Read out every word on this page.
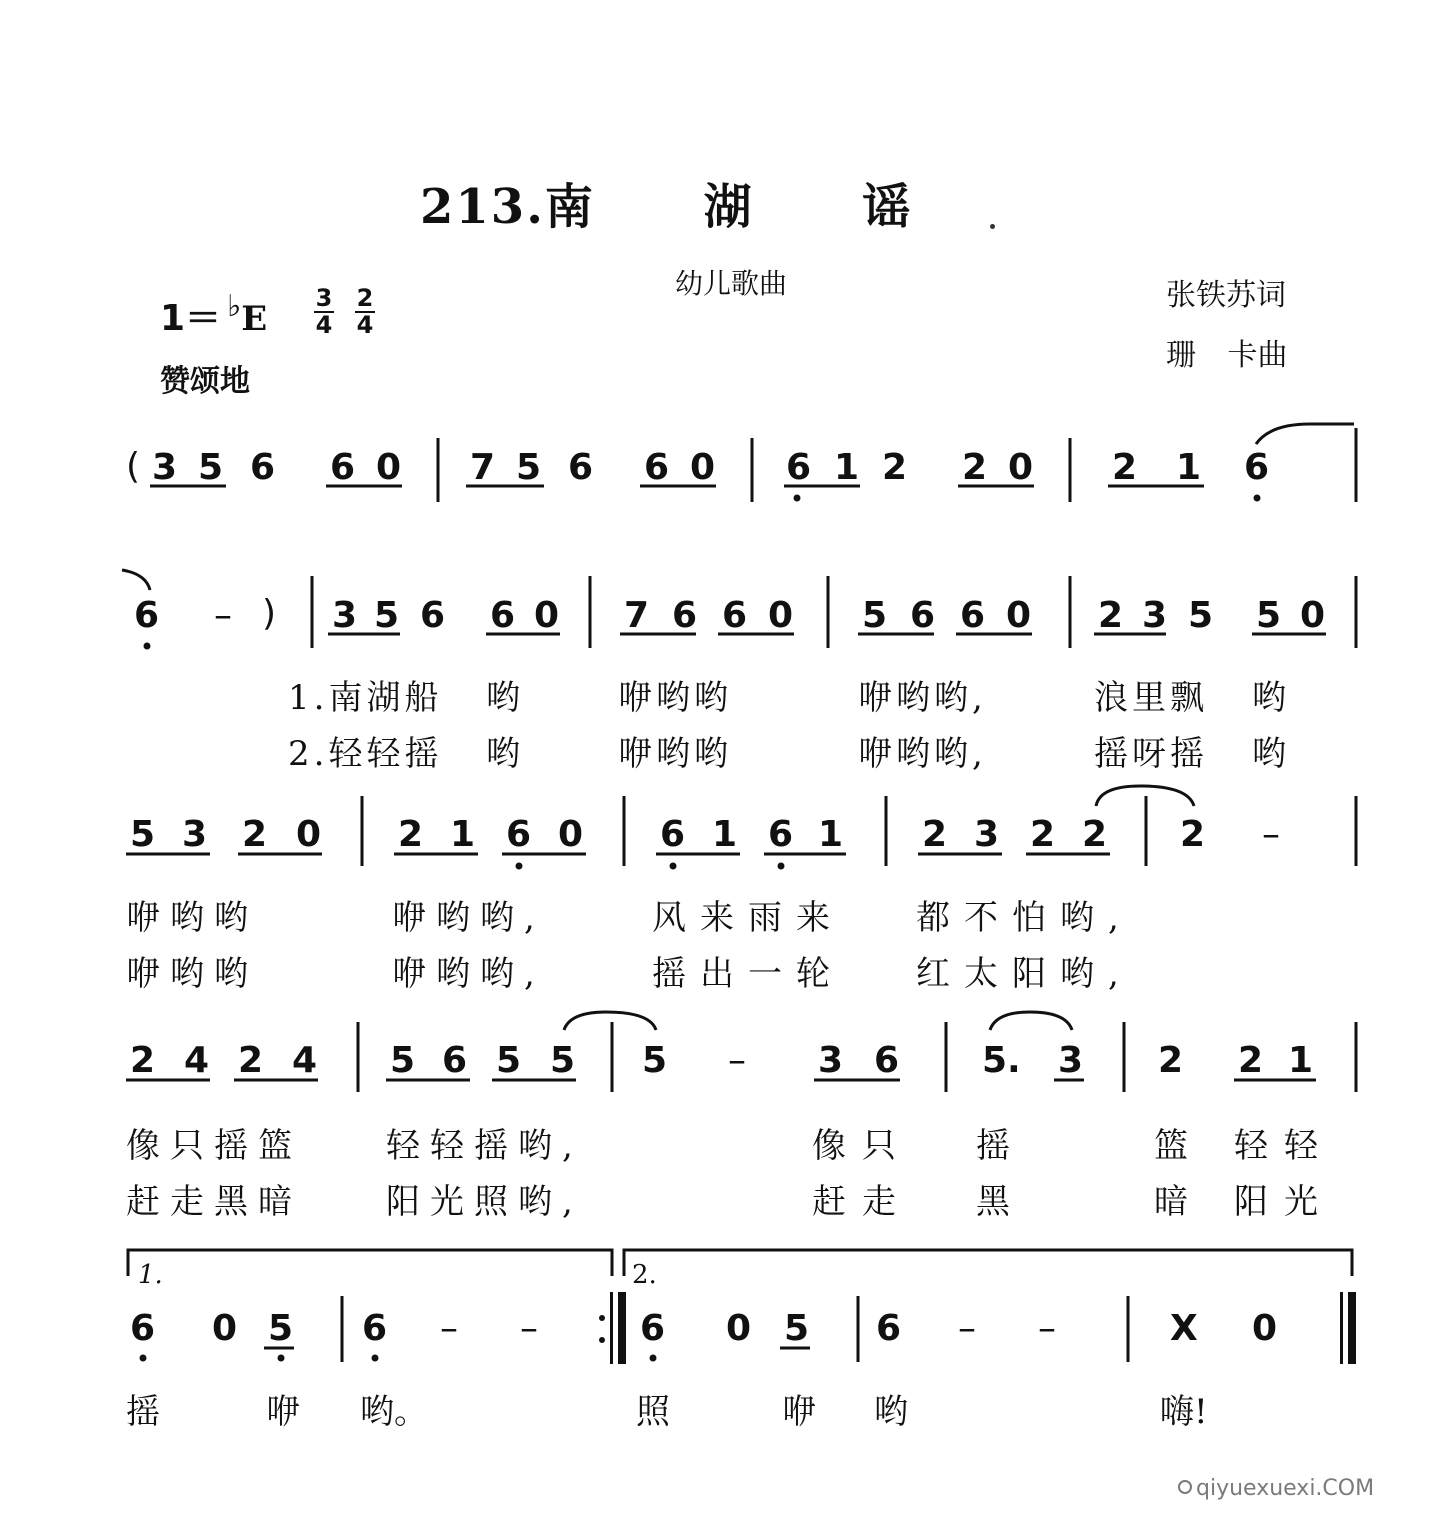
213.南 湖 谣
幼儿歌曲	张铁苏词
珊 卡曲
1＝ ♭E
3
4
2
4
赞颂地
( 3 5 6 6 0 7 5 6 6 0 6 1 2 2 0 2 1 6
6 – ) 3 5 6 6 0 7 6 6 0 5 6 6 0 2 3 5 5 0
1.南湖船 哟	咿哟哟	咿哟哟,	浪里飘 哟
2.轻轻摇 哟	咿哟哟	咿哟哟,	摇呀摇 哟
5 3 2 0 2 1 6 0 6 1 6 1 2 3 2 2 2 –
咿哟哟	咿哟哟,	风来雨来 都不怕哟,
咿哟哟	咿哟哟,	摇出一轮 红太阳哟,
2 4 2 4 5 6 5 5 5 – 3 6 5. 3 2 2 1
像只摇篮 轻轻摇哟,	像只 摇	篮 轻轻
赶走黑暗 阳光照哟,	赶走 黑	暗 阳光
1.	2.
6 0 5 6 – –	6 0 5 6 – –	X 0
摇	咿 哟。	照	咿 哟	嗨!
qiyuexuexi.COM
